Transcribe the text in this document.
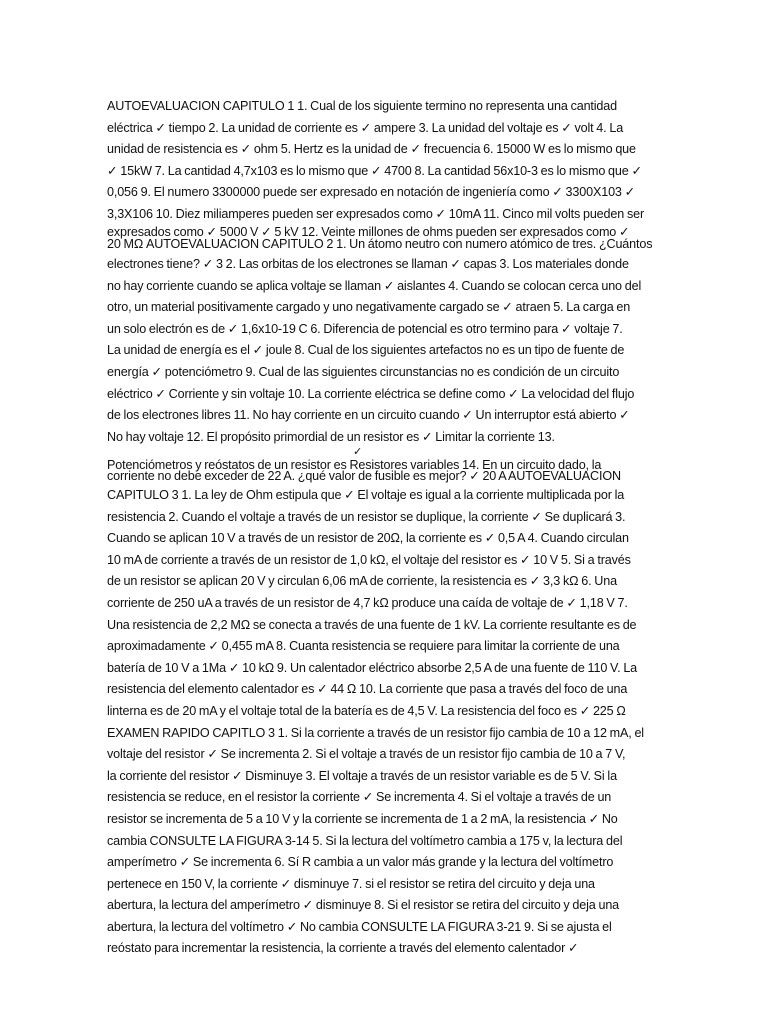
AUTOEVALUACION CAPITULO 1 1. Cual de los siguiente termino no representa una cantidad
eléctrica ✓ tiempo 2. La unidad de corriente es ✓ ampere 3. La unidad del voltaje es ✓ volt 4. La
unidad de resistencia es ✓ ohm 5. Hertz es la unidad de ✓ frecuencia 6. 15000 W es lo mismo que
✓ 15kW 7. La cantidad 4,7x103 es lo mismo que ✓ 4700 8. La cantidad 56x10-3 es lo mismo que ✓
0,056 9. El numero 3300000 puede ser expresado en notación de ingeniería como ✓ 3300X103 ✓
3,3X106 10. Diez miliamperes pueden ser expresados como ✓ 10mA 11. Cinco mil volts pueden ser
expresados como ✓ 5000 V ✓ 5 kV 12. Veinte millones de ohms pueden ser expresados como ✓
20 MΩ AUTOEVALUACION CAPITULO 2 1. Un átomo neutro con numero atómico de tres. ¿Cuántos
electrones tiene? ✓ 3 2. Las orbitas de los electrones se llaman ✓ capas 3. Los materiales donde
no hay corriente cuando se aplica voltaje se llaman ✓ aislantes 4. Cuando se colocan cerca uno del
otro, un material positivamente cargado y uno negativamente cargado se ✓ atraen 5. La carga en
un solo electrón es de ✓ 1,6x10-19 C 6. Diferencia de potencial es otro termino para ✓ voltaje 7.
La unidad de energía es el ✓ joule 8. Cual de los siguientes artefactos no es un tipo de fuente de
energía ✓ potenciómetro 9. Cual de las siguientes circunstancias no es condición de un circuito
eléctrico ✓ Corriente y sin voltaje 10. La corriente eléctrica se define como ✓ La velocidad del flujo
de los electrones libres 11. No hay corriente en un circuito cuando ✓ Un interruptor está abierto ✓
No hay voltaje 12. El propósito primordial de un resistor es ✓ Limitar la corriente 13.
✓
Potenciómetros y reóstatos de un resistor es Resistores variables 14. En un circuito dado, la
corriente no debe exceder de 22 A. ¿qué valor de fusible es mejor? ✓ 20 A AUTOEVALUACION
CAPITULO 3 1. La ley de Ohm estipula que ✓ El voltaje es igual a la corriente multiplicada por la
resistencia 2. Cuando el voltaje a través de un resistor se duplique, la corriente ✓ Se duplicará 3.
Cuando se aplican 10 V a través de un resistor de 20Ω, la corriente es ✓ 0,5 A 4. Cuando circulan
10 mA de corriente a través de un resistor de 1,0 kΩ, el voltaje del resistor es ✓ 10 V 5. Si a través
de un resistor se aplican 20 V y circulan 6,06 mA de corriente, la resistencia es ✓ 3,3 kΩ 6. Una
corriente de 250 uA a través de un resistor de 4,7 kΩ produce una caída de voltaje de ✓ 1,18 V 7.
Una resistencia de 2,2 MΩ se conecta a través de una fuente de 1 kV. La corriente resultante es de
aproximadamente ✓ 0,455 mA 8. Cuanta resistencia se requiere para limitar la corriente de una
batería de 10 V a 1Ma ✓ 10 kΩ 9. Un calentador eléctrico absorbe 2,5 A de una fuente de 110 V. La
resistencia del elemento calentador es ✓ 44 Ω 10. La corriente que pasa a través del foco de una
linterna es de 20 mA y el voltaje total de la batería es de 4,5 V. La resistencia del foco es ✓ 225 Ω
EXAMEN RAPIDO CAPITLO 3 1. Si la corriente a través de un resistor fijo cambia de 10 a 12 mA, el
voltaje del resistor ✓ Se incrementa 2. Si el voltaje a través de un resistor fijo cambia de 10 a 7 V,
la corriente del resistor ✓ Disminuye 3. El voltaje a través de un resistor variable es de 5 V. Si la
resistencia se reduce, en el resistor la corriente ✓ Se incrementa 4. Si el voltaje a través de un
resistor se incrementa de 5 a 10 V y la corriente se incrementa de 1 a 2 mA, la resistencia ✓ No
cambia CONSULTE LA FIGURA 3-14 5. Si la lectura del voltímetro cambia a 175 v, la lectura del
amperímetro ✓ Se incrementa 6. Sí R cambia a un valor más grande y la lectura del voltímetro
pertenece en 150 V, la corriente ✓ disminuye 7. si el resistor se retira del circuito y deja una
abertura, la lectura del amperímetro ✓ disminuye 8. Si el resistor se retira del circuito y deja una
abertura, la lectura del voltímetro ✓ No cambia CONSULTE LA FIGURA 3-21 9. Si se ajusta el
reóstato para incrementar la resistencia, la corriente a través del elemento calentador ✓
